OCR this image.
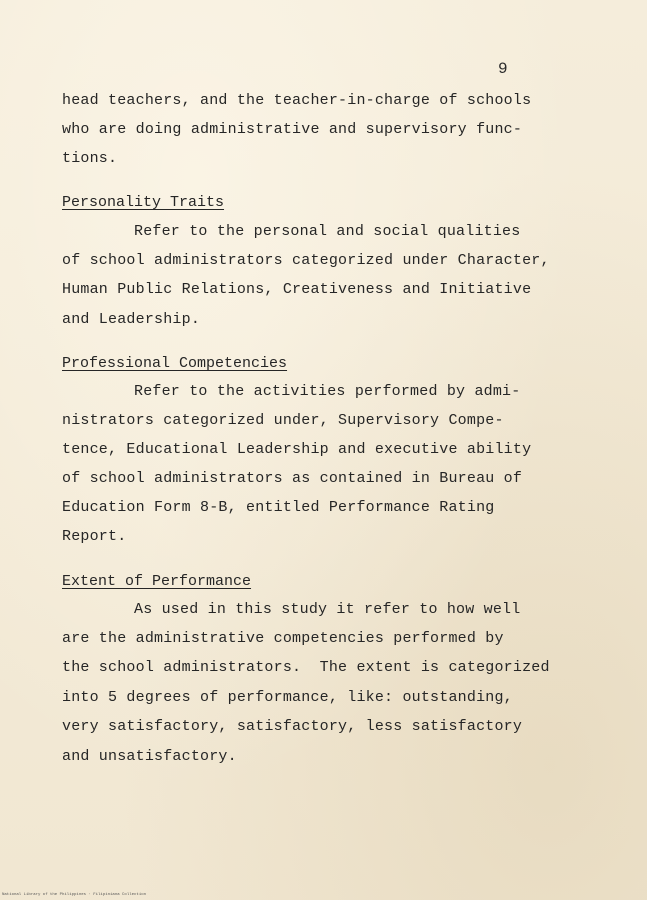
9
head teachers, and the teacher-in-charge of schools
who are doing administrative and supervisory func-
tions.
Personality Traits
Refer to the personal and social qualities
of school administrators categorized under Character,
Human Public Relations, Creativeness and Initiative
and Leadership.
Professional Competencies
Refer to the activities performed by admi-
nistrators categorized under, Supervisory Compe-
tence, Educational Leadership and executive ability
of school administrators as contained in Bureau of
Education Form 8-B, entitled Performance Rating
Report.
Extent of Performance
As used in this study it refer to how well
are the administrative competencies performed by
the school administrators.  The extent is categorized
into 5 degrees of performance, like: outstanding,
very satisfactory, satisfactory, less satisfactory
and unsatisfactory.
National Library of the Philippines · Filipiniana Collection
